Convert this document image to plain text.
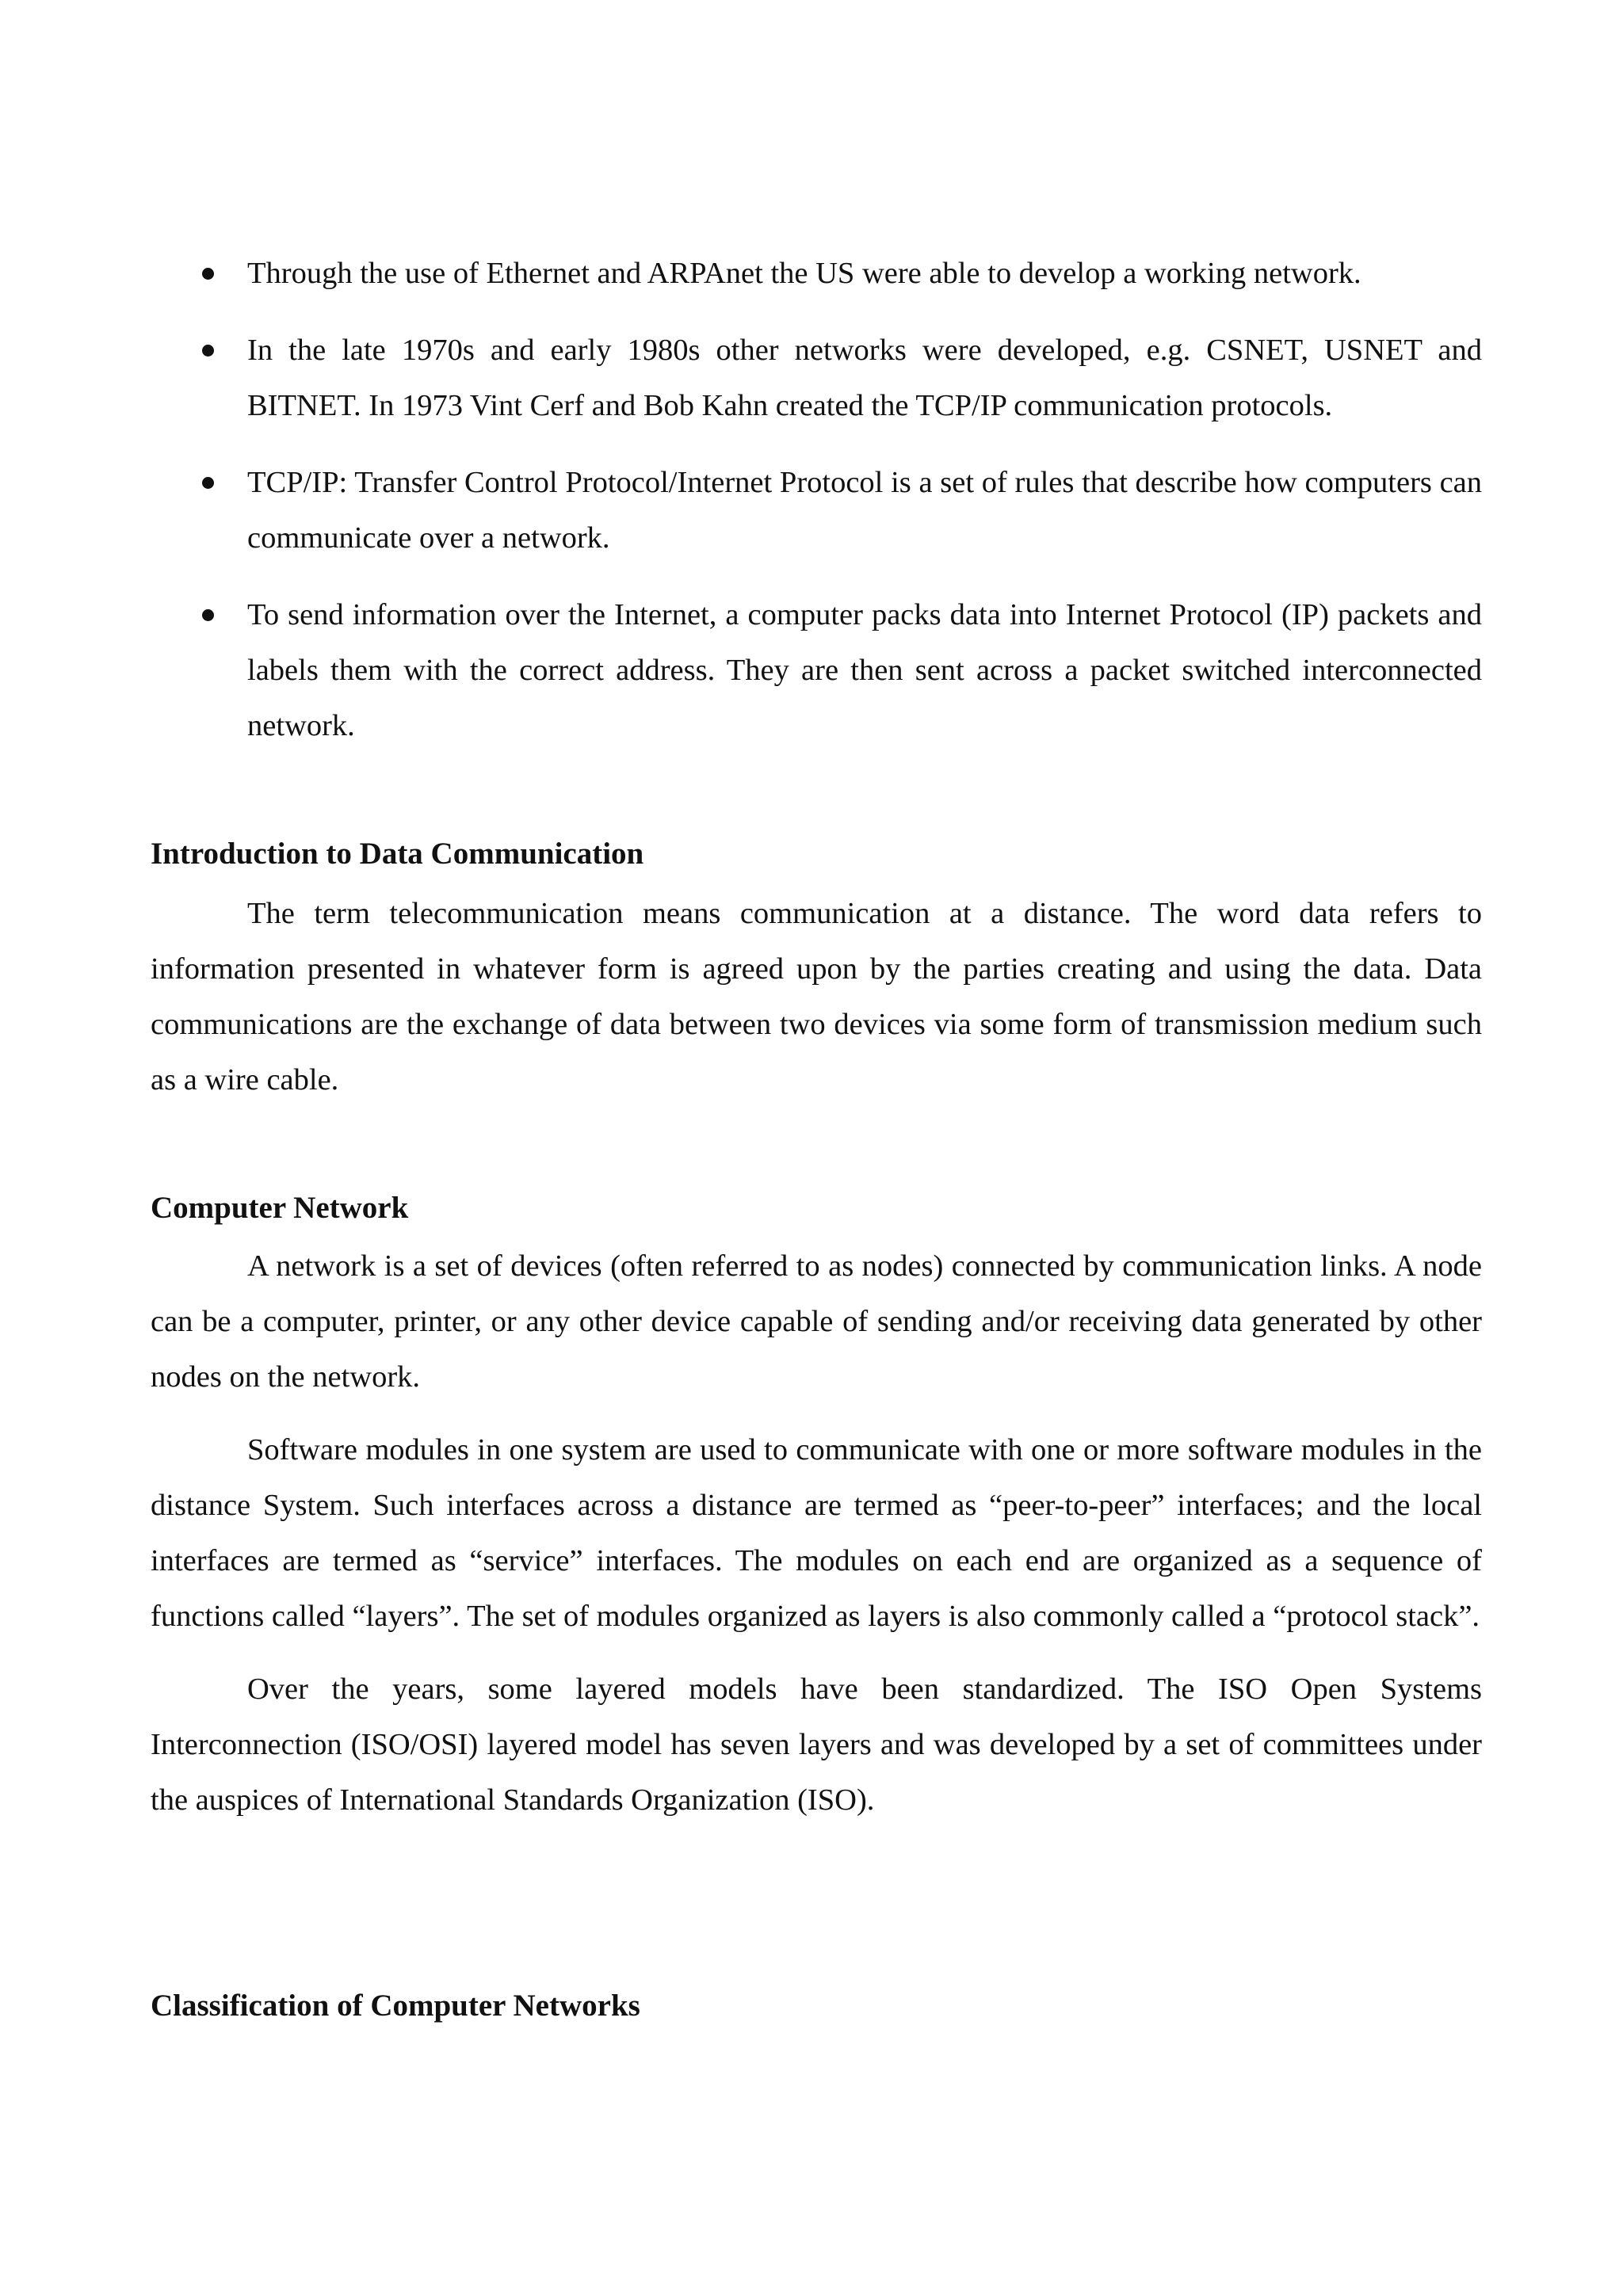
Through the use of Ethernet and ARPAnet the US were able to develop a working network.
In the late 1970s and early 1980s other networks were developed, e.g. CSNET, USNET and BITNET. In 1973 Vint Cerf and Bob Kahn created the TCP/IP communication protocols.
TCP/IP: Transfer Control Protocol/Internet Protocol is a set of rules that describe how computers can communicate over a network.
To send information over the Internet, a computer packs data into Internet Protocol (IP) packets and labels them with the correct address. They are then sent across a packet switched interconnected network.
Introduction to Data Communication

The term telecommunication means communication at a distance. The word data refers to information presented in whatever form is agreed upon by the parties creating and using the data. Data communications are the exchange of data between two devices via some form of transmission medium such as a wire cable.

Computer Network

A network is a set of devices (often referred to as nodes) connected by communication links. A node can be a computer, printer, or any other device capable of sending and/or receiving data generated by other nodes on the network.

Software modules in one system are used to communicate with one or more software modules in the distance System. Such interfaces across a distance are termed as “peer-to-peer” interfaces; and the local interfaces are termed as “service” interfaces. The modules on each end are organized as a sequence of functions called “layers”. The set of modules organized as layers is also commonly called a “protocol stack”.

Over the years, some layered models have been standardized. The ISO Open Systems Interconnection (ISO/OSI) layered model has seven layers and was developed by a set of committees under the auspices of International Standards Organization (ISO).

Classification of Computer Networks
